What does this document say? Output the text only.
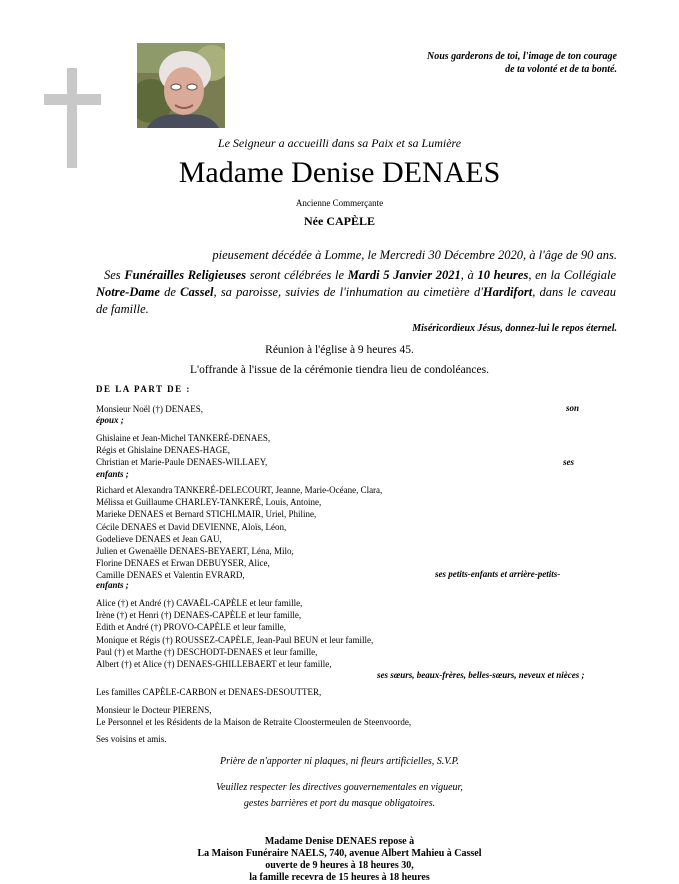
Nous garderons de toi, l'image de ton courage
de ta volonté et de ta bonté.
Le Seigneur a accueilli dans sa Paix et sa Lumière
Madame Denise DENAES
Ancienne Commerçante
Née CAPÈLE
pieusement décédée à Lomme, le Mercredi 30 Décembre 2020, à l'âge de 90 ans.
Ses Funérailles Religieuses seront célébrées le Mardi 5 Janvier 2021, à 10 heures, en la Collégiale Notre-Dame de Cassel, sa paroisse, suivies de l'inhumation au cimetière d'Hardifort, dans le caveau de famille.
Miséricordieux Jésus, donnez-lui le repos éternel.
Réunion à l'église à 9 heures 45.
L'offrande à l'issue de la cérémonie tiendra lieu de condoléances.
DE LA PART DE :
Monsieur Noël (†) DENAES,	son
époux ;
Ghislaine et Jean-Michel TANKERÉ-DENAES,
Régis et Ghislaine DENAES-HAGE,
Christian et Marie-Paule DENAES-WILLAEY,	ses
enfants ;
Richard et Alexandra TANKERÉ-DELECOURT, Jeanne, Marie-Océane, Clara,
Mélissa et Guillaume CHARLEY-TANKERÉ, Louis, Antoine,
Marieke DENAES et Bernard STICHLMAIR, Uriel, Philine,
Cécile DENAES et David DEVIENNE, Aloïs, Léon,
Godelieve DENAES et Jean GAU,
Julien et Gwenaëlle DENAES-BEYAERT, Léna, Milo,
Florine DENAES et Erwan DEBUYSER, Alice,
Camille DENAES et Valentin EVRARD,	ses petits-enfants et arrière-petits-
enfants ;
Alice (†) et André (†) CAVAËL-CAPÈLE et leur famille,
Irène (†) et Henri (†) DENAES-CAPÈLE et leur famille,
Edith et André (†) PROVO-CAPÈLE et leur famille,
Monique et Régis (†) ROUSSEZ-CAPÈLE, Jean-Paul BEUN et leur famille,
Paul (†) et Marthe (†) DESCHODT-DENAES et leur famille,
Albert (†) et Alice (†) DENAES-GHILLEBAERT et leur famille,
ses sœurs, beaux-frères, belles-sœurs, neveux et nièces ;
Les familles CAPÈLE-CARBON et DENAES-DESOUTTER,
Monsieur le Docteur PIERENS,
Le Personnel et les Résidents de la Maison de Retraite Cloostermeulen de Steenvoorde,
Ses voisins et amis.
Prière de n'apporter ni plaques, ni fleurs artificielles, S.V.P.
Veuillez respecter les directives gouvernementales en vigueur,
gestes barrières et port du masque obligatoires.
Madame Denise DENAES repose à
La Maison Funéraire NAELS, 740, avenue Albert Mahieu à Cassel
ouverte de 9 heures à 18 heures 30,
la famille recevra de 15 heures à 18 heures
